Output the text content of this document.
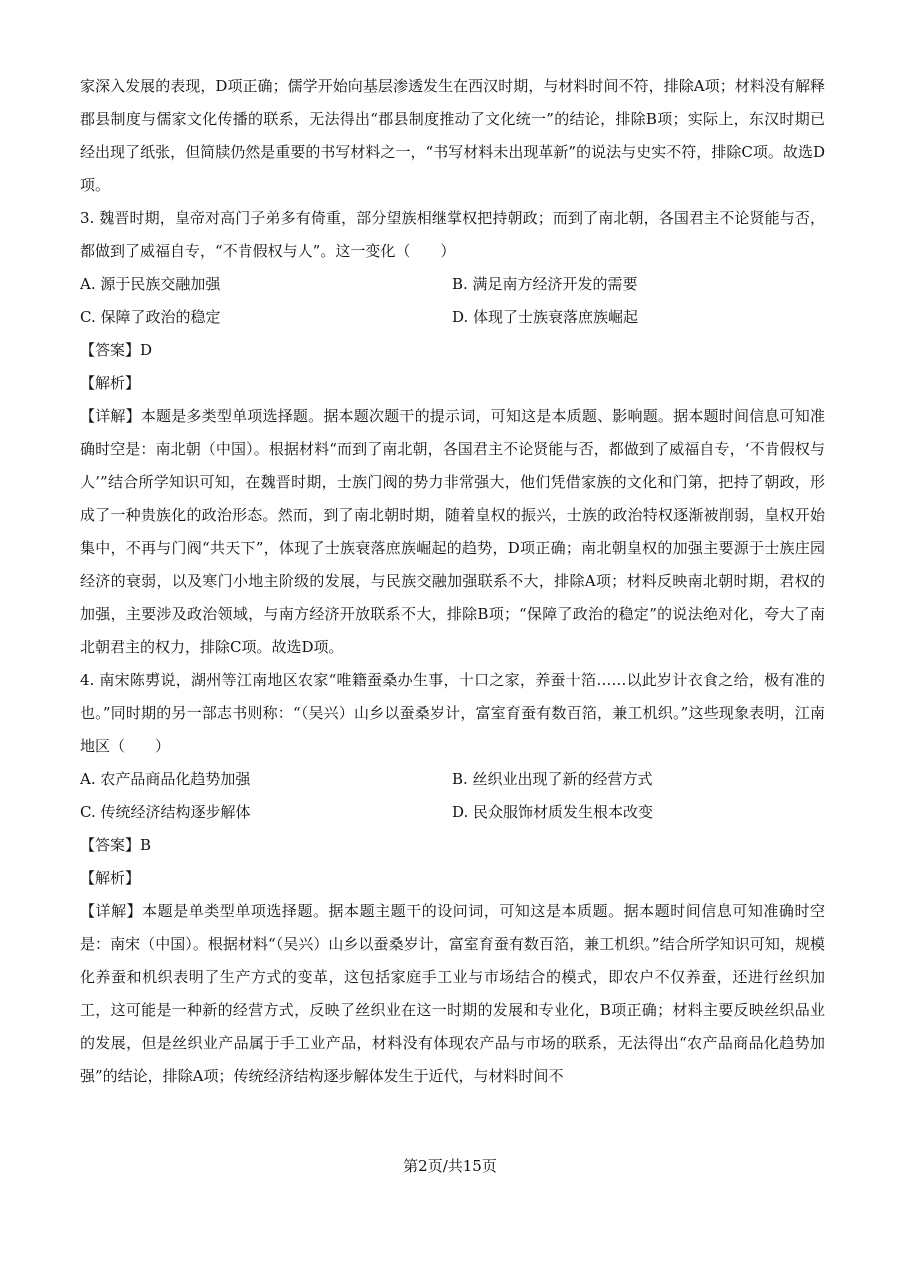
家深入发展的表现，D项正确；儒学开始向基层渗透发生在西汉时期，与材料时间不符，排除A项；材料没有解释郡县制度与儒家文化传播的联系，无法得出“郡县制度推动了文化统一”的结论，排除B项；实际上，东汉时期已经出现了纸张，但简牍仍然是重要的书写材料之一，“书写材料未出现革新”的说法与史实不符，排除C项。故选D项。

3. 魏晋时期，皇帝对高门子弟多有倚重，部分望族相继掌权把持朝政；而到了南北朝，各国君主不论贤能与否，都做到了威福自专，“不肯假权与人”。这一变化（　　）

A. 源于民族交融加强	B. 满足南方经济开发的需要

C. 保障了政治的稳定	D. 体现了士族衰落庶族崛起

【答案】D

【解析】

【详解】本题是多类型单项选择题。据本题次题干的提示词，可知这是本质题、影响题。据本题时间信息可知准确时空是：南北朝（中国）。根据材料“而到了南北朝，各国君主不论贤能与否，都做到了威福自专，‘不肯假权与人’”结合所学知识可知，在魏晋时期，士族门阀的势力非常强大，他们凭借家族的文化和门第，把持了朝政，形成了一种贵族化的政治形态。然而，到了南北朝时期，随着皇权的振兴，士族的政治特权逐渐被削弱，皇权开始集中，不再与门阀“共天下”，体现了士族衰落庶族崛起的趋势，D项正确；南北朝皇权的加强主要源于士族庄园经济的衰弱，以及寒门小地主阶级的发展，与民族交融加强联系不大，排除A项；材料反映南北朝时期，君权的加强，主要涉及政治领域，与南方经济开放联系不大，排除B项；“保障了政治的稳定”的说法绝对化，夸大了南北朝君主的权力，排除C项。故选D项。

4. 南宋陈旉说，湖州等江南地区农家“唯籍蚕桑办生事，十口之家，养蚕十箔……以此岁计衣食之给，极有准的也。”同时期的另一部志书则称：“（吴兴）山乡以蚕桑岁计，富室育蚕有数百箔，兼工机织。”这些现象表明，江南地区（　　）

A. 农产品商品化趋势加强	B. 丝织业出现了新的经营方式

C. 传统经济结构逐步解体	D. 民众服饰材质发生根本改变

【答案】B

【解析】

【详解】本题是单类型单项选择题。据本题主题干的设问词，可知这是本质题。据本题时间信息可知准确时空是：南宋（中国）。根据材料“（吴兴）山乡以蚕桑岁计，富室育蚕有数百箔，兼工机织。”结合所学知识可知，规模化养蚕和机织表明了生产方式的变革，这包括家庭手工业与市场结合的模式，即农户不仅养蚕，还进行丝织加工，这可能是一种新的经营方式，反映了丝织业在这一时期的发展和专业化，B项正确；材料主要反映丝织品业的发展，但是丝织业产品属于手工业产品，材料没有体现农产品与市场的联系，无法得出“农产品商品化趋势加强”的结论，排除A项；传统经济结构逐步解体发生于近代，与材料时间不

第2页/共15页
